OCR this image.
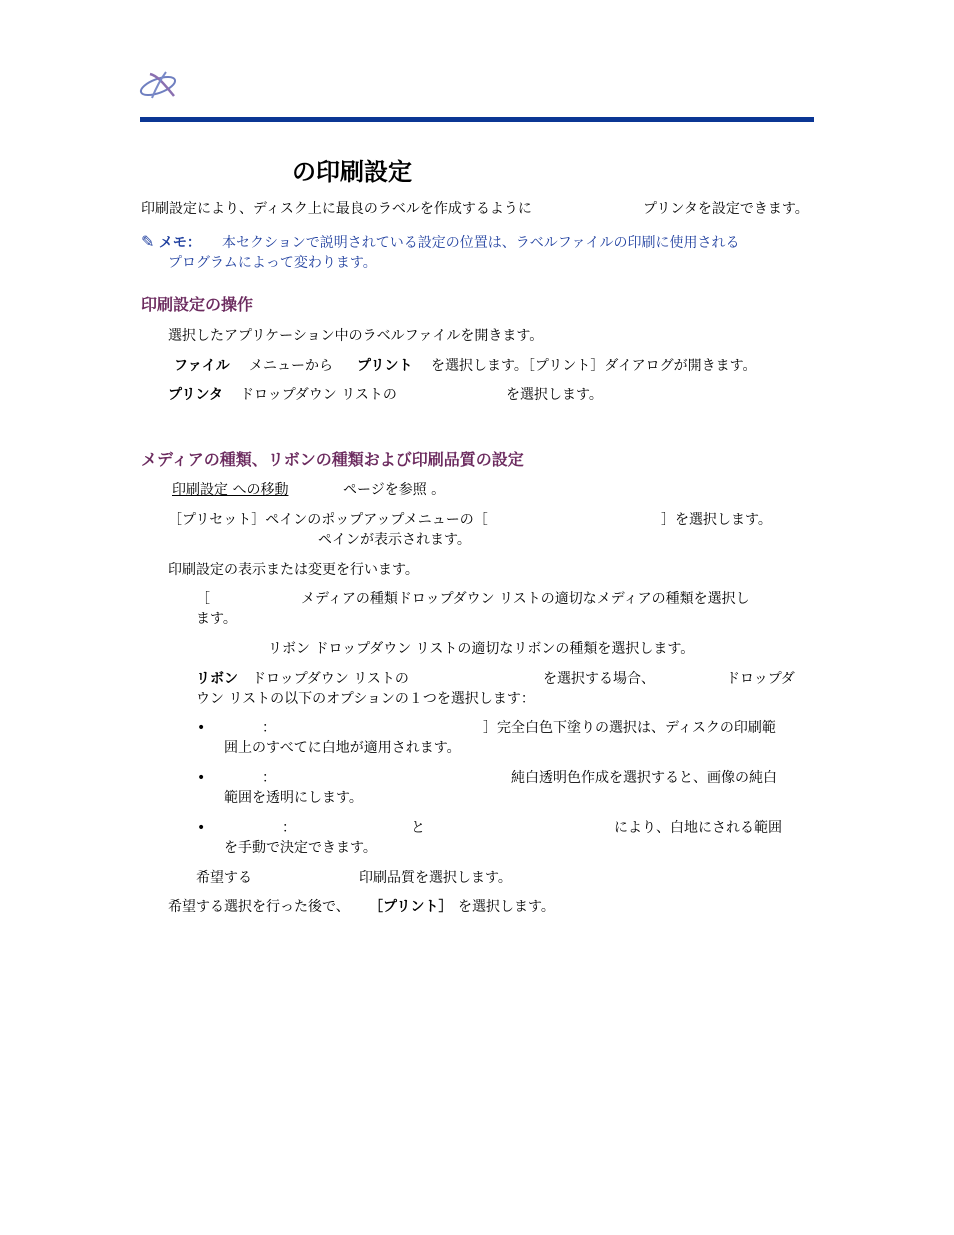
の印刷設定
印刷設定により、ディスク上に最良のラベルを作成するように	プリンタを設定できます。
✎ メモ： 本セクションで説明されている設定の位置は、ラベルファイルの印刷に使用される
プログラムによって変わります。
印刷設定の操作
選択したアプリケーション中のラベルファイルを開きます。
ファイル メニューから プリント を選択します。［プリント］ダイアログが開きます。
プリンタ ドロップダウン リストの	を選択します。
メディアの種類、リボンの種類および印刷品質の設定
印刷設定 への移動	ページを参照 。
［プリセット］ペインのポップアップメニューの［	］を選択します。
ペインが表示されます。
印刷設定の表示または変更を行います。
［	メディアの種類ドロップダウン リストの適切なメディアの種類を選択し
ます。
リボン ドロップダウン リストの適切なリボンの種類を選択します。
リボン ドロップダウン リストの	を選択する場合、	ドロップダ
ウン リストの以下のオプションの１つを選択します：
•	：	］完全白色下塗りの選択は、ディスクの印刷範
囲上のすべてに白地が適用されます。
•	：	純白透明色作成を選択すると、画像の純白
範囲を透明にします。
•	：	と	により、白地にされる範囲
を手動で決定できます。
希望する	印刷品質を選択します。
希望する選択を行った後で、 ［プリント］ を選択します。
